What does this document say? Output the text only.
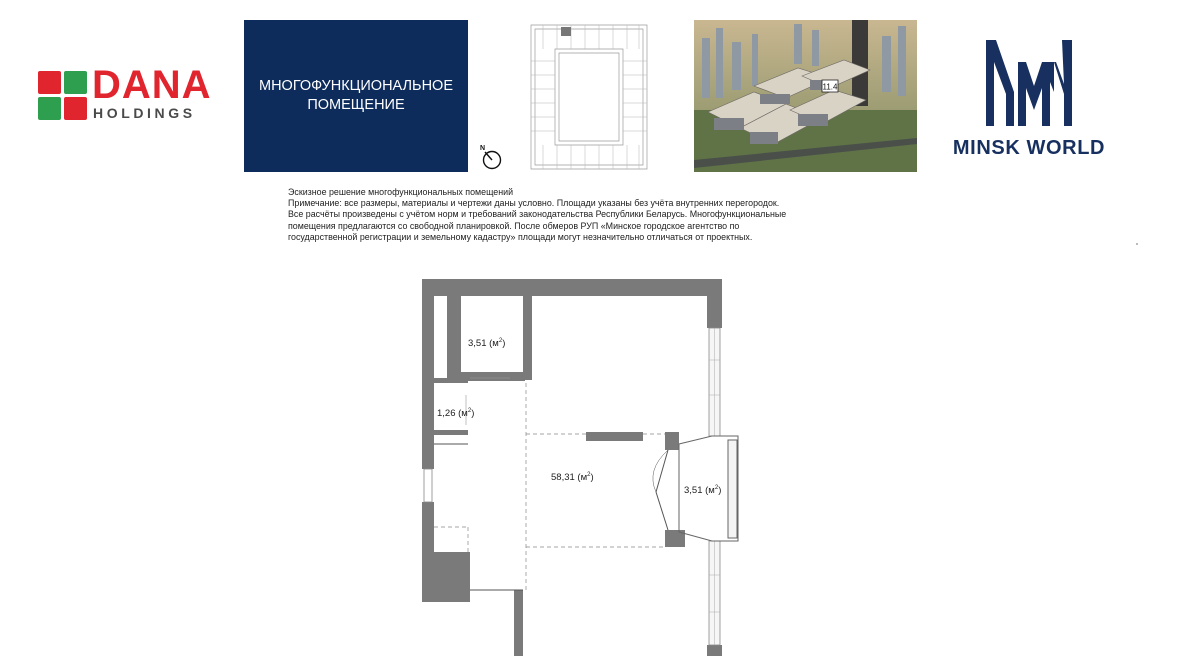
DANA
HOLDINGS
МНОГОФУНКЦИОНАЛЬНОЕ
ПОМЕЩЕНИЕ
N
11.4
MINSK WORLD

Эскизное решение многофункциональных помещений

Примечание: все размеры, материалы и чертежи даны условно. Площади указаны без учёта внутренних перегородок.

Все расчёты произведены с учётом норм и требований законодательства Республики Беларусь. Многофункциональные

помещения предлагаются со свободной планировкой. После обмеров РУП «Минское городское агентство по

государственной регистрации и земельному кадастру» площади могут незначительно отличаться от проектных.

3,51 $(м^2)$
1,26 $(м^2)$
58,31 $(м^2)$
3,51 $(м^2)$
